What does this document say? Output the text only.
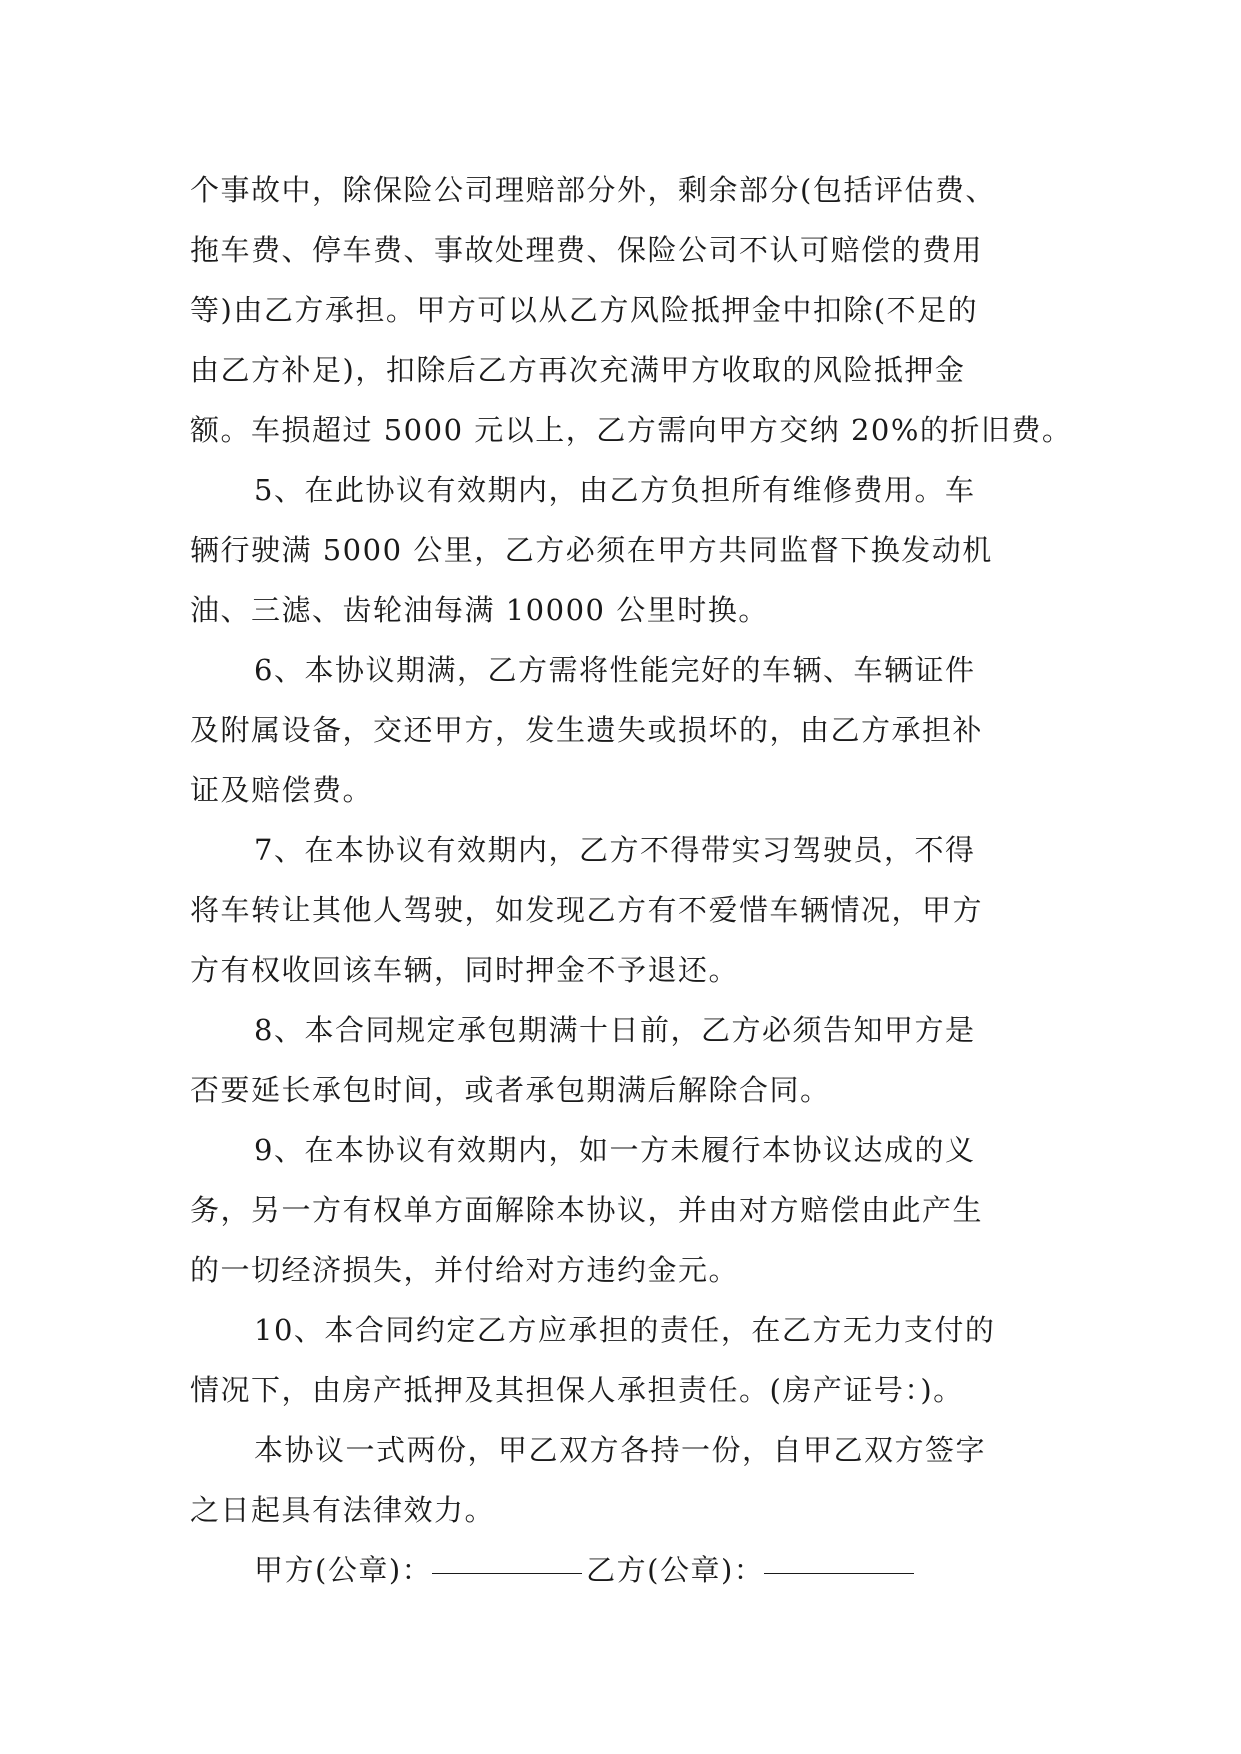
个事故中，除保险公司理赔部分外，剩余部分(包括评估费、
拖车费、停车费、事故处理费、保险公司不认可赔偿的费用
等)由乙方承担。甲方可以从乙方风险抵押金中扣除(不足的
由乙方补足)，扣除后乙方再次充满甲方收取的风险抵押金
额。车损超过 5000 元以上，乙方需向甲方交纳 20%的折旧费。

5、在此协议有效期内，由乙方负担所有维修费用。车
辆行驶满 5000 公里，乙方必须在甲方共同监督下换发动机
油、三滤、齿轮油每满 10000 公里时换。

6、本协议期满，乙方需将性能完好的车辆、车辆证件
及附属设备，交还甲方，发生遗失或损坏的，由乙方承担补
证及赔偿费。

7、在本协议有效期内，乙方不得带实习驾驶员，不得
将车转让其他人驾驶，如发现乙方有不爱惜车辆情况，甲方
方有权收回该车辆，同时押金不予退还。

8、本合同规定承包期满十日前，乙方必须告知甲方是
否要延长承包时间，或者承包期满后解除合同。

9、在本协议有效期内，如一方未履行本协议达成的义
务，另一方有权单方面解除本协议，并由对方赔偿由此产生
的一切经济损失，并付给对方违约金元。

10、本合同约定乙方应承担的责任，在乙方无力支付的
情况下，由房产抵押及其担保人承担责任。(房产证号：)。

本协议一式两份，甲乙双方各持一份，自甲乙双方签字
之日起具有法律效力。

甲方(公章)：	乙方(公章)：
